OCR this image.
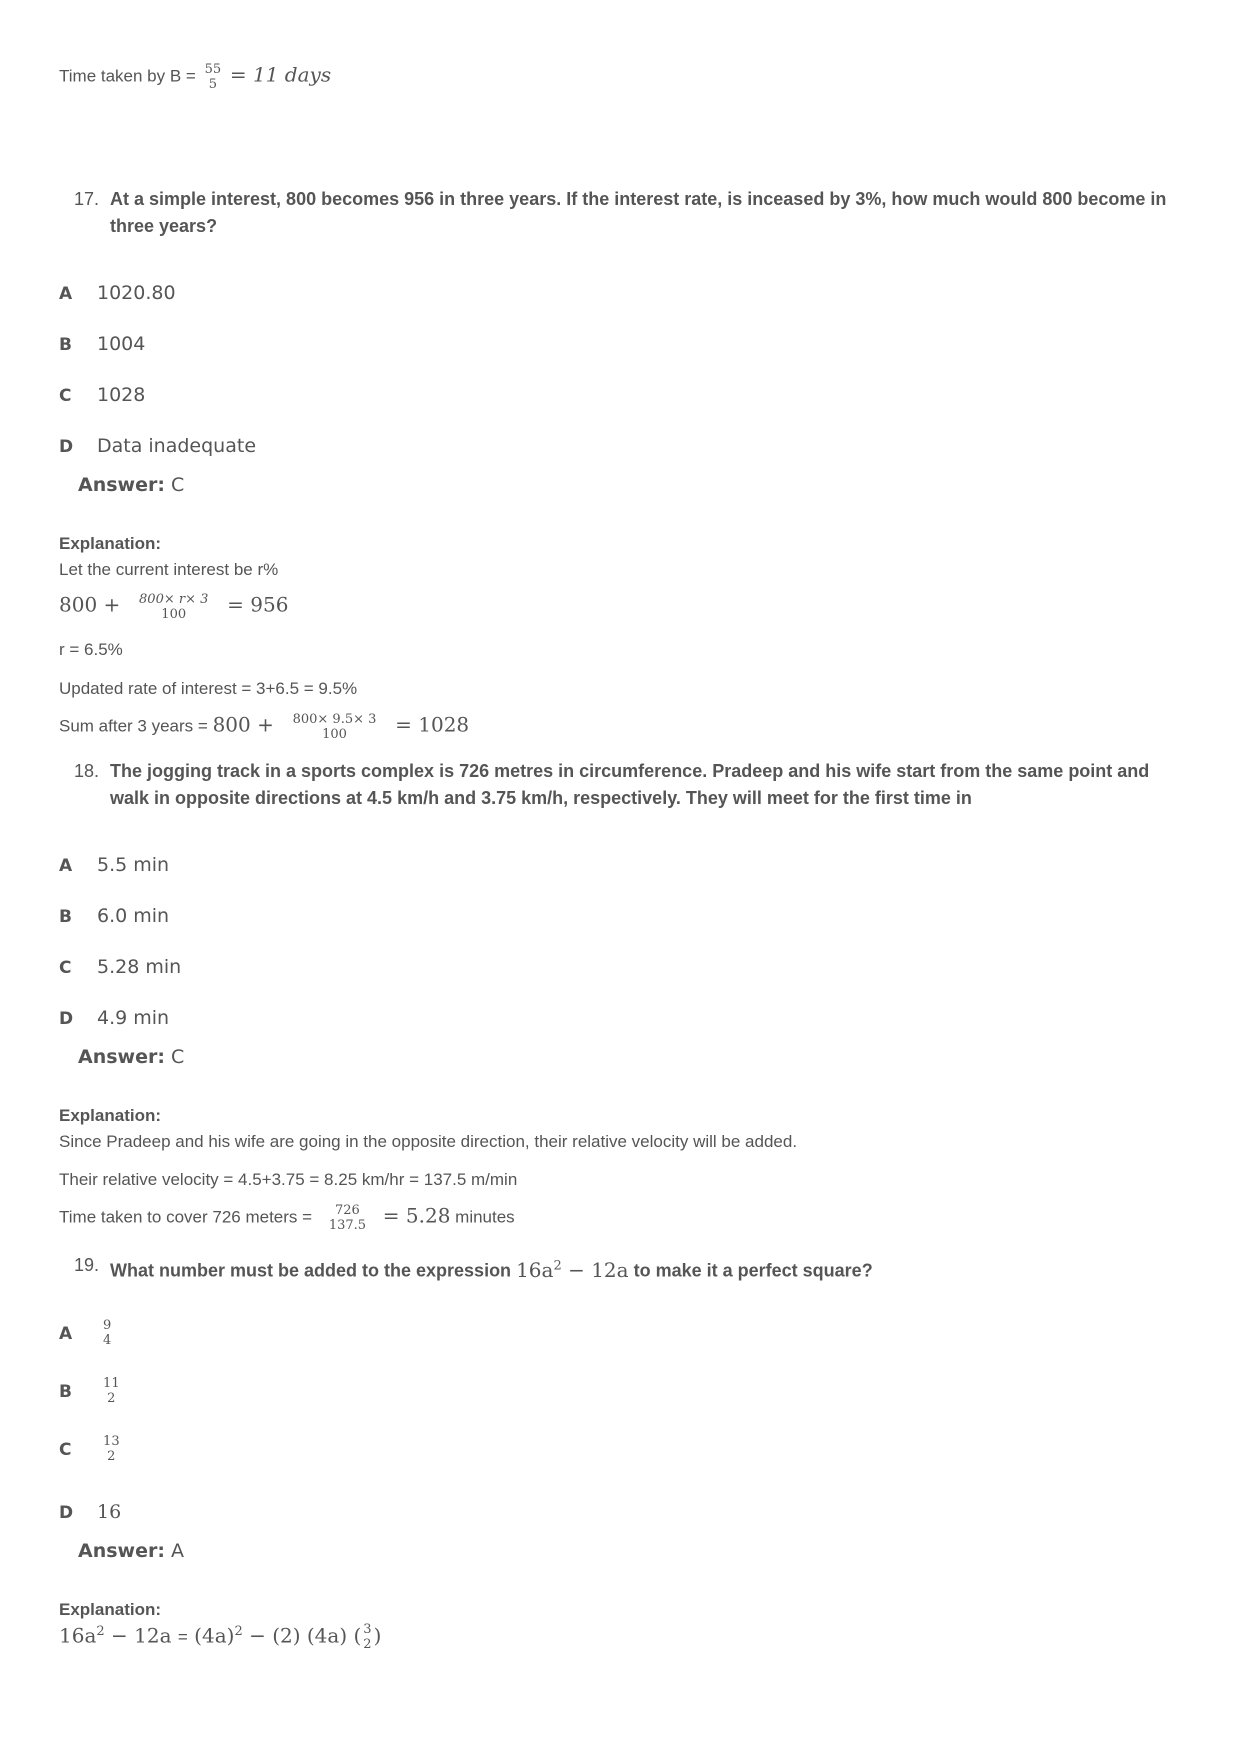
Time taken by B = 55
5 = 11 days
17. At a simple interest, 800 becomes 956 in three years. If the interest rate, is inceased by 3%, how much would 800 become in three years?
A 1020.80
B 1004
C 1028
D Data inadequate
Answer: C
Explanation:
Let the current interest be r%
800 + 800× r× 3
100 = 956
r = 6.5%
Updated rate of interest = 3+6.5 = 9.5%
Sum after 3 years = 800 + 800× 9.5× 3
100 = 1028
18. The jogging track in a sports complex is 726 metres in circumference. Pradeep and his wife start from the same point and walk in opposite directions at 4.5 km/h and 3.75 km/h, respectively. They will meet for the first time in
A 5.5 min
B 6.0 min
C 5.28 min
D 4.9 min
Answer: C
Explanation:
Since Pradeep and his wife are going in the opposite direction, their relative velocity will be added.
Their relative velocity = 4.5+3.75 = 8.25 km/hr = 137.5 m/min
Time taken to cover 726 meters = 726
137.5 = 5.28 minutes
19. What number must be added to the expression $16a^2 - 12a$ to make it a perfect square?
A 9
4
B 11
2
C 13
2
D 16
Answer: A
Explanation:
$16a^2 - 12a = (4a)^2 - (2)$ (4a) ( 3
2 )
